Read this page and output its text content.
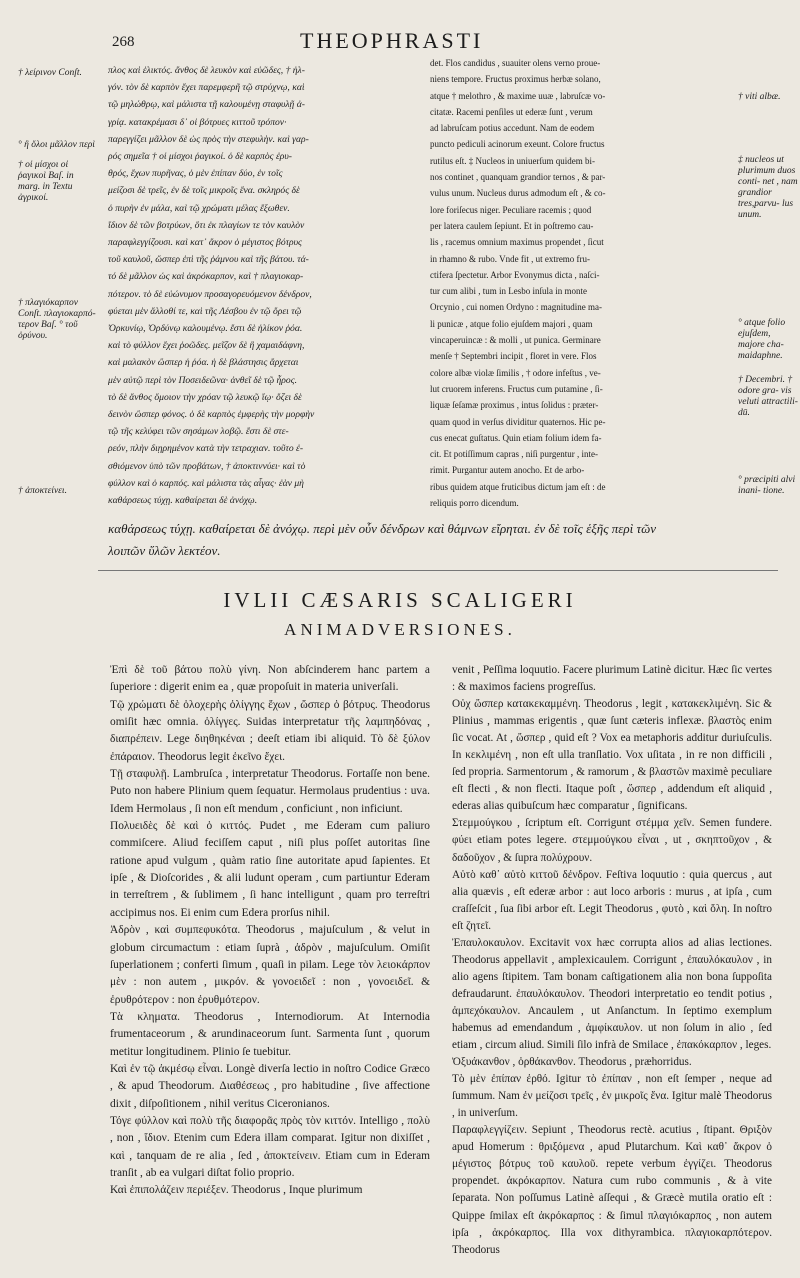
268	THEOPHRASTI
† λείρινον Conſt.
° ἢ ὅλοι μᾶλλον περὶ
† οἱ μίσχοι οἱ ῥαγικοὶ Baſ. in marg. in Textu ἀγρικοί.
† πλαγιόκαρπον Conſt. πλαγιοκαρπό- τερον Baſ. ° τοῦ ὀρύνου.
† ἀποκτείνει.
πλος καὶ ἑλικτός. ἄνθος δὲ λευκὸν καὶ εὐῶδες, † ἠλ-
γόν. τὸν δὲ καρπὸν ἔχει παρεμφερῆ τῷ στρύχνῳ, καὶ
τῷ μηλώθρῳ, καὶ μάλιστα τῇ καλουμένῃ σταφυλῇ ἀ-
γρίᾳ. κατακρέμασι δ᾽ οἱ βότρυες κιττοῦ τρόπον·
παρεγγίζει μᾶλλον δὲ ὡς πρὸς τὴν στεφυλὴν. καὶ γαρ-
ρός σημεῖα † οἱ μίσχοι ῥαγικοί. ὁ δὲ καρπὸς ἐρυ-
θρός, ἔχων πυρῆνας, ὁ μὲν ἐπίπαν δύο, ἐν τοῖς
μείζοσι δὲ τρεῖς, ἐν δὲ τοῖς μικροῖς ἕνα. σκληρός δὲ
ὁ πυρὴν ἐν μάλα, καὶ τῷ χρώματι μέλας ἔξωθεν.
ἴδιον δὲ τῶν βοτρύων, ὅτι ἐκ πλαγίων τε τὸν καυλὸν
παραφλεγγίζουσι. καὶ κατ᾽ ἄκρον ὁ μέγιστος βότρυς
τοῦ καυλοῦ, ὥσπερ ἐπὶ τῆς ῥάμνου καὶ τῆς βάτου. τά-
τό δὲ μᾶλλον ὡς καὶ ἀκρόκαρπον, καὶ † πλαγιοκαρ-
πότερον. τὸ δὲ εὐώνυμον προσαγορευόμενον δένδρον,
φύεται μὲν ἄλλοθί τε, καὶ τῆς Λέσβου ἐν τῷ ὄρει τῷ
Ὀρκυνίῳ, Ὀρδύνῳ καλουμένῳ. ἔστι δὲ ἡλίκον ῥόα.
καὶ τὸ φύλλον ἔχει ῥοῶδες. μεῖζον δὲ ἢ χαμαιδάφνη,
καὶ μαλακὸν ὥσπερ ἡ ῥόα. ἡ δὲ βλάστησις ἄρχεται
μὲν αὐτῷ περὶ τὸν Ποσειδεῶνα· ἀνθεῖ δὲ τῷ ἦρος.
τὸ δὲ ἄνθος ὅμοιον τὴν χρόαν τῷ λευκῷ ἴῳ· ὄζει δὲ
δεινὸν ὥσπερ φόνος. ὁ δὲ καρπὸς ἐμφερὴς τὴν μορφὴν
τῷ τῆς κελύφει τῶν σησάμων λοβῷ. ἔστι δὲ στε-
ρεόν, πλὴν διῃρημένον κατὰ τὴν τετραχιαν. τοῦτο ἐ-
σθιόμενον ὑπὸ τῶν προβάτων, † ἀποκτιννύει· καὶ τὸ
φύλλον καὶ ὁ καρπός. καὶ μάλιστα τὰς αἶγας· ἐὰν μὴ
καθάρσεως τύχῃ. καθαίρεται δὲ ἀνόχῳ.
det. Flos candidus , suauiter olens verno proue-
niens tempore. Fructus proximus herbæ solano,
atque † melothro , & maxime uuæ , labruſcæ vo-
citatæ. Racemi penſiles ut ederæ ſunt , verum
ad labruſcam potius accedunt. Nam de eodem
puncto pediculi acinorum exeunt. Colore fructus
rutilus eſt. ‡ Nucleos in uniuerſum quidem bi-
nos continet , quanquam grandior ternos , & par-
vulus unum. Nucleus durus admodum eſt , & co-
lore foriſecus niger. Peculiare racemis ; quod
per latera caulem ſepiunt. Et in poſtremo cau-
lis , racemus omnium maximus propendet , ſicut
in rhamno & rubo. Vnde fit , ut extremo fru-
ctifera ſpectetur. Arbor Evonymus dicta , naſci-
tur cum alibi , tum in Lesbo inſula in monte
Orcynio , cui nomen Ordyno : magnitudine ma-
li punicæ , atque folio ejuſdem majori , quam
vincaperuincæ : & molli , ut punica. Germinare
menſe † Septembri incipit , floret in vere. Flos
colore albæ violæ ſimilis , † odore infeſtus , ve-
lut cruorem inferens. Fructus cum putamine , ſi-
liquæ ſeſamæ proximus , intus ſolidus : præter-
quam quod in verſus dividitur quaternos. Hic pe-
cus enecat guſtatus. Quin etiam folium idem fa-
cit. Et potiſſimum capras , niſi purgentur , inte-
rimit. Purgantur autem anocho. Et de arbo-
ribus quidem atque fruticibus dictum jam eſt : de
reliquis porro dicendum.
† viti albæ.
‡ nucleos ut plurimum duos conti- net , nam grandior tres,parvu- lus unum.
° atque folio ejuſdem, majore cha- maidaphne.
† Decembri. † odore gra- vis veluti attractili- dū.
° præcipiti alvi inani- tione.
καθάρσεως τύχῃ. καθαίρεται δὲ ἀνόχῳ. περὶ μὲν οὖν δένδρων καὶ θάμνων εἴρηται. ἐν δὲ τοῖς ἑξῆς περὶ τῶν
λοιπῶν ὕλῶν λεκτέον.
IVLII CÆSARIS SCALIGERI
ANIMADVERSIONES.

Ἐπὶ δὲ τοῦ βάτου πολὺ γίνη. Non abſcinderem hanc partem a ſuperiore : digerit enim ea , quæ propoſuit in materia univerſali.

Τῷ χρώματι δὲ ὁλοχερὴς ὀλίγγης ἔχων , ὥσπερ ὁ βότρυς. Theodorus omiſit hæc omnia. ὀλίγγες. Suidas interpretatur τῆς λαμπηδόνας , διαπρέπειν. Lege διηθηκέναι ; deeſt etiam ibi aliquid. Τὸ δὲ ξύλον ἐπάραιον. Theodorus legit ἐκεῖνο ἔχει.

Τῇ σταφυλῇ. Lambruſca , interpretatur Theodorus. Fortaſſe non bene. Puto non habere Plinium quem ſequatur. Hermolaus prudentius : uva. Idem Hermolaus , ſi non eſt mendum , conficiunt , non inficiunt.

Πολυειδὲς δὲ καὶ ὁ κιττός. Pudet , me Ederam cum paliuro commiſcere. Aliud feciſſem caput , niſi plus poſſet autoritas ſine ratione apud vulgum , quàm ratio ſine autoritate apud ſapientes. Et ipſe , & Dioſcorides , & alii ludunt operam , cum partiuntur Ederam in terreſtrem , & ſublimem , ſi hanc intelligunt , quam pro terreſtri accipimus nos. Ei enim cum Edera prorſus nihil.

Ἀδρὸν , καὶ συμπεφυκότα. Theodorus , majuſculum , & velut in globum circumactum : etiam ſuprà , ἀδρὸν , majuſculum. Omiſit ſuperlationem ; conferti ſimum , quaſi in pilam. Lege τὸν λειοκάρπον μὲν : non autem , μικρόν. & γονοειδεῖ : non , γονοειδεῖ. & ἐρυθρότερον : non ἐρυθμότερον.

Τὰ κληματα. Theodorus , Internodiorum. At Internodia frumentaceorum , & arundinaceorum ſunt. Sarmenta ſunt , quorum metitur longitudinem. Plinio ſe tuebitur.

Καὶ ἐν τῷ ἀκμέσῳ εἶναι. Longè diverſa lectio in noſtro Codice Græco , & apud Theodorum. Διαθέσεως , pro habitudine , ſive affectione dixit , diſpoſitionem , nihil veritus Ciceronianos.

Τόγε φύλλον καὶ πολὺ τῆς διαφορᾶς πρὸς τὸν κιττόν. Intelligo , πολὺ , non , ἴδιον. Etenim cum Edera illam comparat. Igitur non dixiſſet , καὶ , tanquam de re alia , ſed , ἀποκτείνειν. Etiam cum in Ederam tranſit , ab ea vulgari diſtat folio proprio.

Καὶ ἐπιπολάζειν περιέξεν. Theodorus , Inque plurimum

venit , Peſſima loquutio. Facere plurimum Latinè dicitur. Hæc ſic vertes : & maximos faciens progreſſus.

Οὐχ ὥσπερ κατακεκαμμένη. Theodorus , legit , κατακεκλιμένη. Sic & Plinius , mammas erigentis , quæ ſunt cæteris inflexæ. βλαστὸς enim ſic vocat. At , ὥσπερ , quid eſt ? Vox ea metaphoris additur duriuſculis. In κεκλιμένη , non eſt ulla tranſlatio. Vox uſitata , in re non difficili , ſed propria. Sarmentorum , & ramorum , & βλαστῶν maximè peculiare eſt flecti , & non flecti. Itaque poſt , ὥσπερ , addendum eſt aliquid , ederas alias quibuſcum hæc comparatur , ſignificans.

Στεμμούγκου , ſcriptum eſt. Corrigunt στέμμα χεῖν. Semen fundere. φύει etiam potes legere. στεμμούγκου εἶναι , ut , σκηπτοῦχον , & δαδοῦχον , & ſupra πολύχρουν.

Αὐτὸ καθ᾽ αὐτὸ κιττοῦ δένδρον. Feſtiva loquutio : quia quercus , aut alia quævis , eſt ederæ arbor : aut loco arboris : murus , at ipſa , cum craſſeſcit , ſua ſibi arbor eſt. Legit Theodorus , φυτὸ , καὶ ὅλη. In noſtro eſt ζητεῖ.

Ἐπαυλοκαυλον. Excitavit vox hæc corrupta alios ad alias lectiones. Theodorus appellavit , amplexicaulem. Corrigunt , ἐπαυλόκαυλον , in alio agens ſtipitem. Tam bonam caſtigationem alia non bona ſuppoſita defraudarunt. ἐπαυλόκαυλον. Theodori interpretatio eo tendit potius , ἀμπεχόκαυλον. Ancaulem , ut Anſanctum. In ſeptimo exemplum habemus ad emendandum , ἀμφίκαυλον. ut non ſolum in alio , ſed etiam , circum aliud. Simili ſilo infrà de Smilace , ἐπακόκαρπον , leges.

Ὀξυάκανθον , ὀρθάκανθον. Theodorus , præhorridus.

Τὸ μὲν ἐπίπαν ἐρθό. Igitur τὸ ἐπίπαν , non eſt ſemper , neque ad ſummum. Nam ἐν μείζοσι τρεῖς , ἐν μικροῖς ἕνα. Igitur malè Theodorus , in univerſum.

Παραφλεγγίζειν. Sepiunt , Theodorus rectè. acutius , ſtipant. Θριξὸν apud Homerum : θριξόμενα , apud Plutarchum. Καὶ καθ᾽ ἄκρον ὁ μέγιστος βότρυς τοῦ καυλοῦ. repete verbum ἐγγίζει. Theodorus propendet. ἀκρόκαρπον. Natura cum rubo communis , & à vite ſeparata. Non poſſumus Latinè aſſequi , & Græcè mutila oratio eſt : Quippe ſmilax eſt ἀκρόκαρπος : & ſimul πλαγιόκαρπος , non autem ipſa , ἀκρόκαρπος. Illa vox dithyrambica. πλαγιοκαρπότερον. Theodorus
